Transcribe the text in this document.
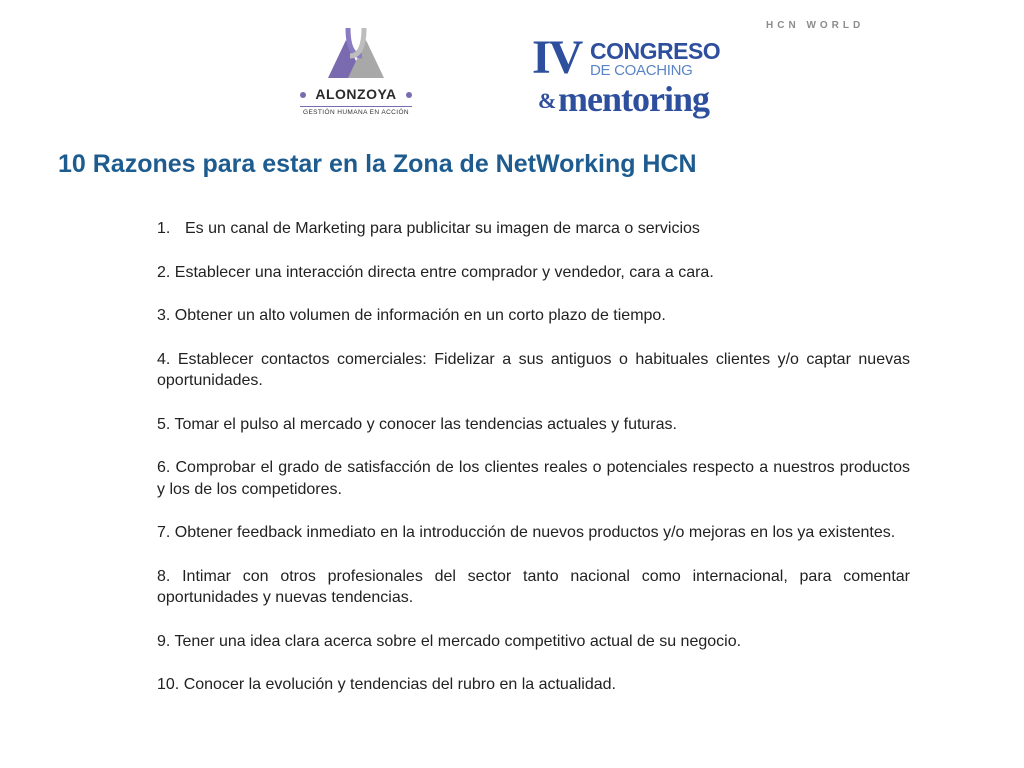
HCN WORLD
ALONZOYA
GESTIÓN HUMANA EN ACCIÓN
IV CONGRESO
DE COACHING
& mentoring
10 Razones para estar en la Zona de NetWorking HCN
1. Es un canal de Marketing para publicitar su imagen de marca o servicios
2. Establecer una interacción directa entre comprador y vendedor, cara a cara.
3. Obtener un alto volumen de información en un corto plazo de tiempo.
4. Establecer contactos comerciales: Fidelizar a sus antiguos o habituales clientes y/o captar nuevas oportunidades.
5. Tomar el pulso al mercado y conocer las tendencias actuales y futuras.
6. Comprobar el grado de satisfacción de los clientes reales o potenciales respecto a nuestros productos y los de los competidores.
7. Obtener feedback inmediato en la introducción de nuevos productos y/o mejoras en los ya existentes.
8. Intimar con otros profesionales del sector tanto nacional como internacional, para comentar oportunidades y nuevas tendencias.
9. Tener una idea clara acerca sobre el mercado competitivo actual de su negocio.
10. Conocer la evolución y tendencias del rubro en la actualidad.
